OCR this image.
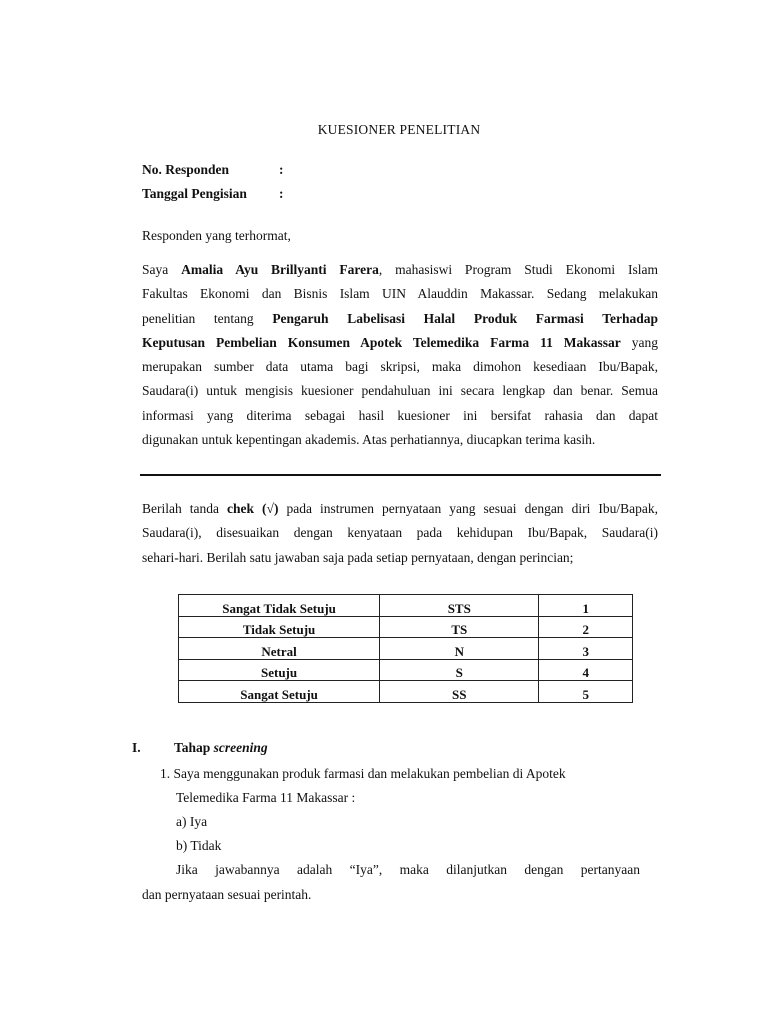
KUESIONER PENELITIAN
No. Responden	:
Tanggal Pengisian :
Responden yang terhormat,
Saya Amalia Ayu Brillyanti Farera, mahasiswi Program Studi Ekonomi Islam
Fakultas Ekonomi dan Bisnis Islam UIN Alauddin Makassar. Sedang melakukan
penelitian tentang Pengaruh Labelisasi Halal Produk Farmasi Terhadap
Keputusan Pembelian Konsumen Apotek Telemedika Farma 11 Makassar yang
merupakan sumber data utama bagi skripsi, maka dimohon kesediaan Ibu/Bapak,
Saudara(i) untuk mengisis kuesioner pendahuluan ini secara lengkap dan benar. Semua
informasi yang diterima sebagai hasil kuesioner ini bersifat rahasia dan dapat
digunakan untuk kepentingan akademis. Atas perhatiannya, diucapkan terima kasih.
Berilah tanda chek (√) pada instrumen pernyataan yang sesuai dengan diri Ibu/Bapak,
Saudara(i), disesuaikan dengan kenyataan pada kehidupan Ibu/Bapak, Saudara(i)
sehari-hari. Berilah satu jawaban saja pada setiap pernyataan, dengan perincian;
Sangat Tidak Setuju	STS	1
Tidak Setuju	TS	2
Netral	N	3
Setuju	S	4
Sangat Setuju	SS	5
I. Tahap screening
1. Saya menggunakan produk farmasi dan melakukan pembelian di Apotek
Telemedika Farma 11 Makassar :
a) Iya
b) Tidak
Jika jawabannya adalah “Iya”, maka dilanjutkan dengan pertanyaan
dan pernyataan sesuai perintah.
